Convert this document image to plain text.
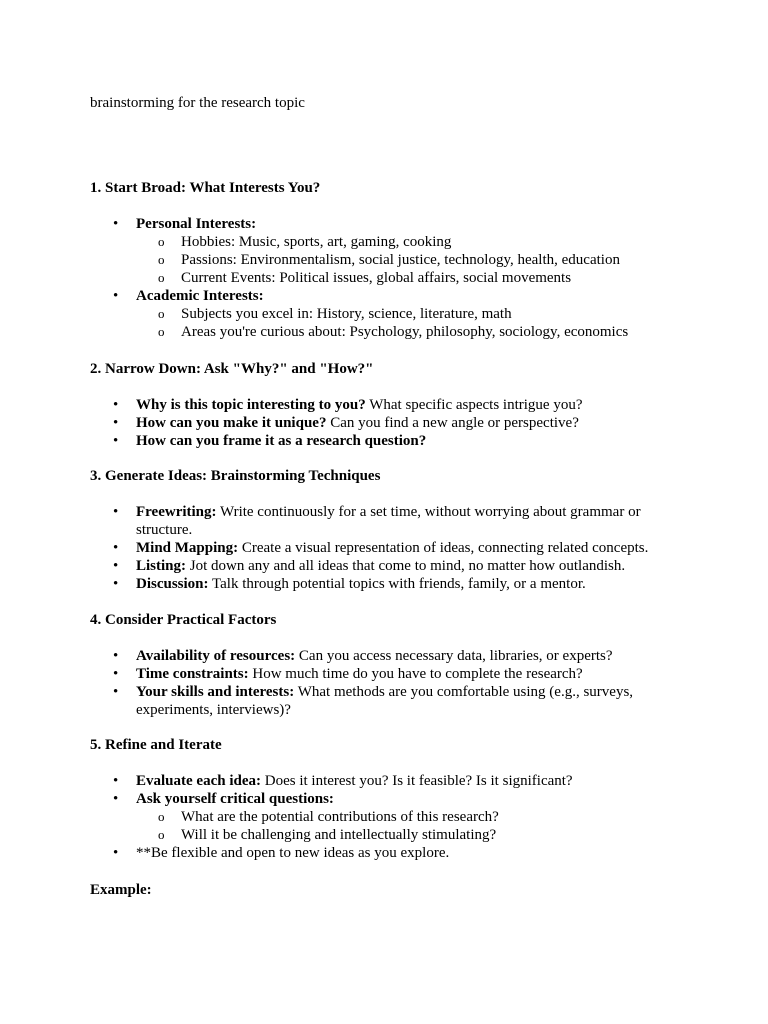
brainstorming for the research topic
1. Start Broad: What Interests You?
• Personal Interests:
o Hobbies: Music, sports, art, gaming, cooking
o Passions: Environmentalism, social justice, technology, health, education
o Current Events: Political issues, global affairs, social movements
• Academic Interests:
o Subjects you excel in: History, science, literature, math
o Areas you're curious about: Psychology, philosophy, sociology, economics
2. Narrow Down: Ask "Why?" and "How?"
• Why is this topic interesting to you? What specific aspects intrigue you?
• How can you make it unique? Can you find a new angle or perspective?
• How can you frame it as a research question?
3. Generate Ideas: Brainstorming Techniques
• Freewriting: Write continuously for a set time, without worrying about grammar or structure.
• Mind Mapping: Create a visual representation of ideas, connecting related concepts.
• Listing: Jot down any and all ideas that come to mind, no matter how outlandish.
• Discussion: Talk through potential topics with friends, family, or a mentor.
4. Consider Practical Factors
• Availability of resources: Can you access necessary data, libraries, or experts?
• Time constraints: How much time do you have to complete the research?
• Your skills and interests: What methods are you comfortable using (e.g., surveys, experiments, interviews)?
5. Refine and Iterate
• Evaluate each idea: Does it interest you? Is it feasible? Is it significant?
• Ask yourself critical questions:
o What are the potential contributions of this research?
o Will it be challenging and intellectually stimulating?
• **Be flexible and open to new ideas as you explore.
Example:
